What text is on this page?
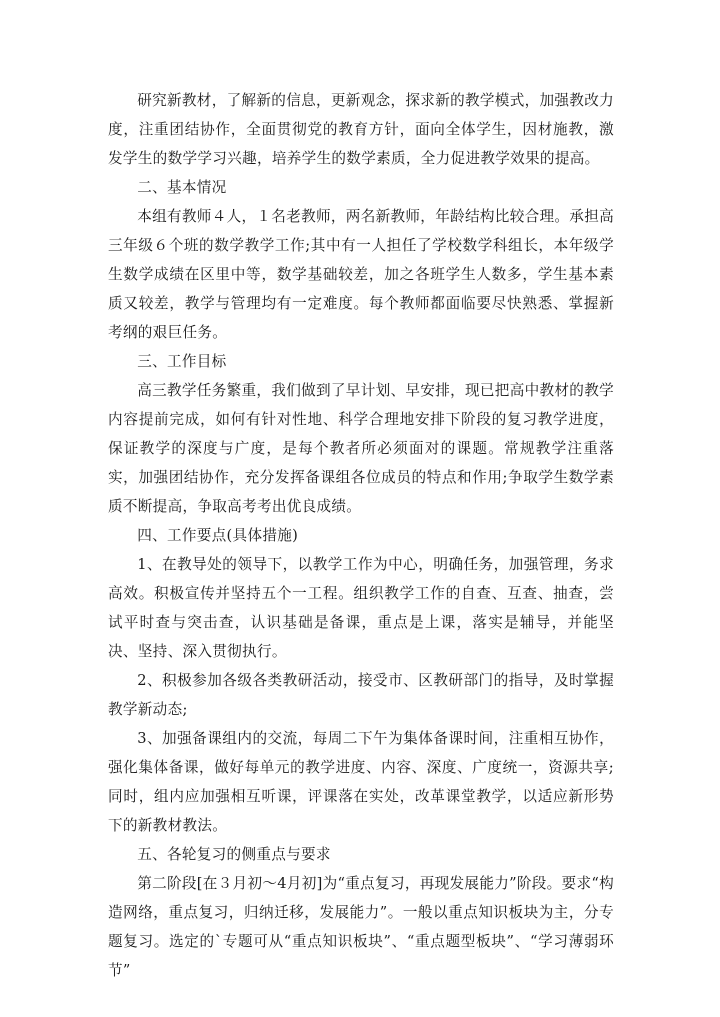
研究新教材，了解新的信息，更新观念，探求新的教学模式，加强教改力度，注重团结协作，全面贯彻党的教育方针，面向全体学生，因材施教，激发学生的数学学习兴趣，培养学生的数学素质，全力促进教学效果的提高。

二、基本情况

本组有教师４人，１名老教师，两名新教师，年龄结构比较合理。承担高三年级６个班的数学教学工作;其中有一人担任了学校数学科组长，本年级学生数学成绩在区里中等，数学基础较差，加之各班学生人数多，学生基本素质又较差，教学与管理均有一定难度。每个教师都面临要尽快熟悉、掌握新考纲的艰巨任务。

三、工作目标

高三教学任务繁重，我们做到了早计划、早安排，现已把高中教材的教学内容提前完成，如何有针对性地、科学合理地安排下阶段的复习教学进度，保证教学的深度与广度，是每个教者所必须面对的课题。常规教学注重落实，加强团结协作，充分发挥备课组各位成员的特点和作用;争取学生数学素质不断提高，争取高考考出优良成绩。

四、工作要点(具体措施)

1、在教导处的领导下，以教学工作为中心，明确任务，加强管理，务求高效。积极宣传并坚持五个一工程。组织教学工作的自查、互查、抽查，尝试平时查与突击查，认识基础是备课，重点是上课，落实是辅导，并能坚决、坚持、深入贯彻执行。

2、积极参加各级各类教研活动，接受市、区教研部门的指导，及时掌握教学新动态;

3、加强备课组内的交流，每周二下午为集体备课时间，注重相互协作，强化集体备课，做好每单元的教学进度、内容、深度、广度统一，资源共享;同时，组内应加强相互听课，评课落在实处，改革课堂教学，以适应新形势下的新教材教法。

五、各轮复习的侧重点与要求

第二阶段[在３月初～4月初]为“重点复习，再现发展能力”阶段。要求“构造网络，重点复习，归纳迁移，发展能力”。一般以重点知识板块为主，分专题复习。选定的`专题可从“重点知识板块”、“重点题型板块”、“学习薄弱环节”
